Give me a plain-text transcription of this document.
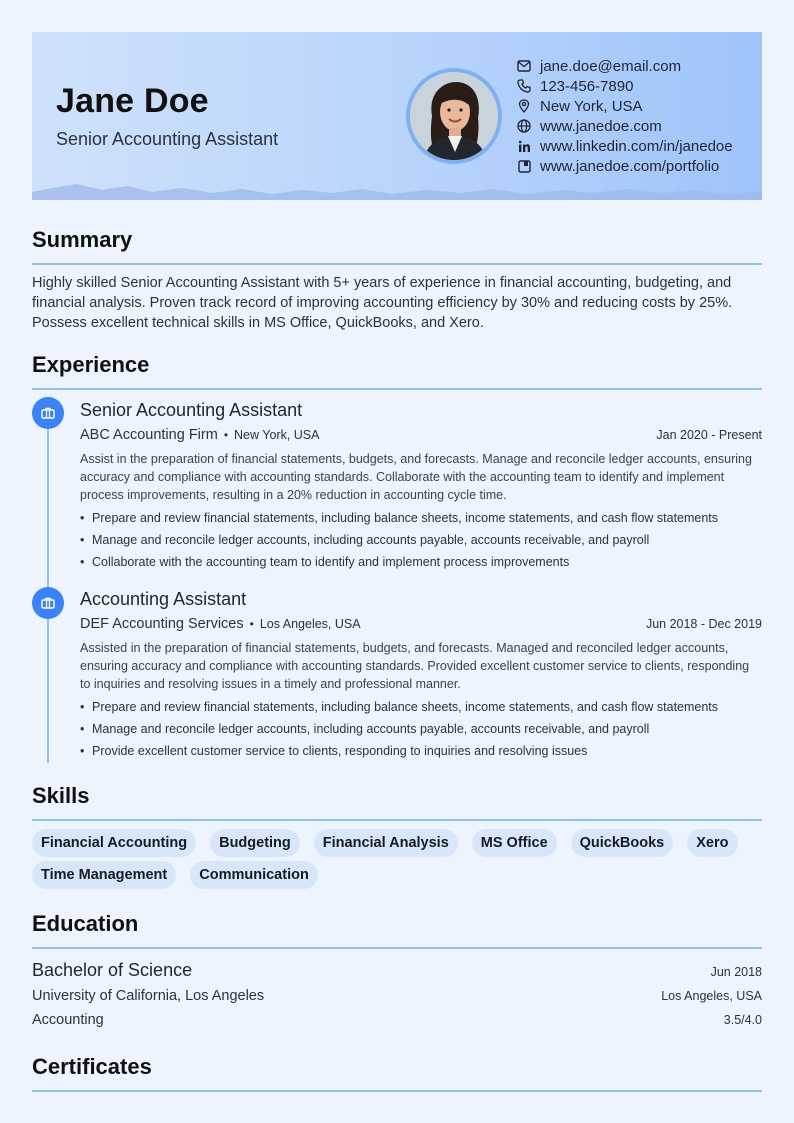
Jane Doe
Senior Accounting Assistant
jane.doe@email.com
123-456-7890
New York, USA
www.janedoe.com
www.linkedin.com/in/janedoe
www.janedoe.com/portfolio
Summary
Highly skilled Senior Accounting Assistant with 5+ years of experience in financial accounting, budgeting, and financial analysis. Proven track record of improving accounting efficiency by 30% and reducing costs by 25%. Possess excellent technical skills in MS Office, QuickBooks, and Xero.
Experience
Senior Accounting Assistant
ABC Accounting Firm • New York, USA	Jan 2020 - Present
Assist in the preparation of financial statements, budgets, and forecasts. Manage and reconcile ledger accounts, ensuring accuracy and compliance with accounting standards. Collaborate with the accounting team to identify and implement process improvements, resulting in a 20% reduction in accounting cycle time.
• Prepare and review financial statements, including balance sheets, income statements, and cash flow statements
• Manage and reconcile ledger accounts, including accounts payable, accounts receivable, and payroll
• Collaborate with the accounting team to identify and implement process improvements
Accounting Assistant
DEF Accounting Services • Los Angeles, USA	Jun 2018 - Dec 2019
Assisted in the preparation of financial statements, budgets, and forecasts. Managed and reconciled ledger accounts, ensuring accuracy and compliance with accounting standards. Provided excellent customer service to clients, responding to inquiries and resolving issues in a timely and professional manner.
• Prepare and review financial statements, including balance sheets, income statements, and cash flow statements
• Manage and reconcile ledger accounts, including accounts payable, accounts receivable, and payroll
• Provide excellent customer service to clients, responding to inquiries and resolving issues
Skills
Financial Accounting	Budgeting	Financial Analysis	MS Office	QuickBooks	Xero
Time Management	Communication
Education
Bachelor of Science	Jun 2018
University of California, Los Angeles	Los Angeles, USA
Accounting	3.5/4.0
Certificates
